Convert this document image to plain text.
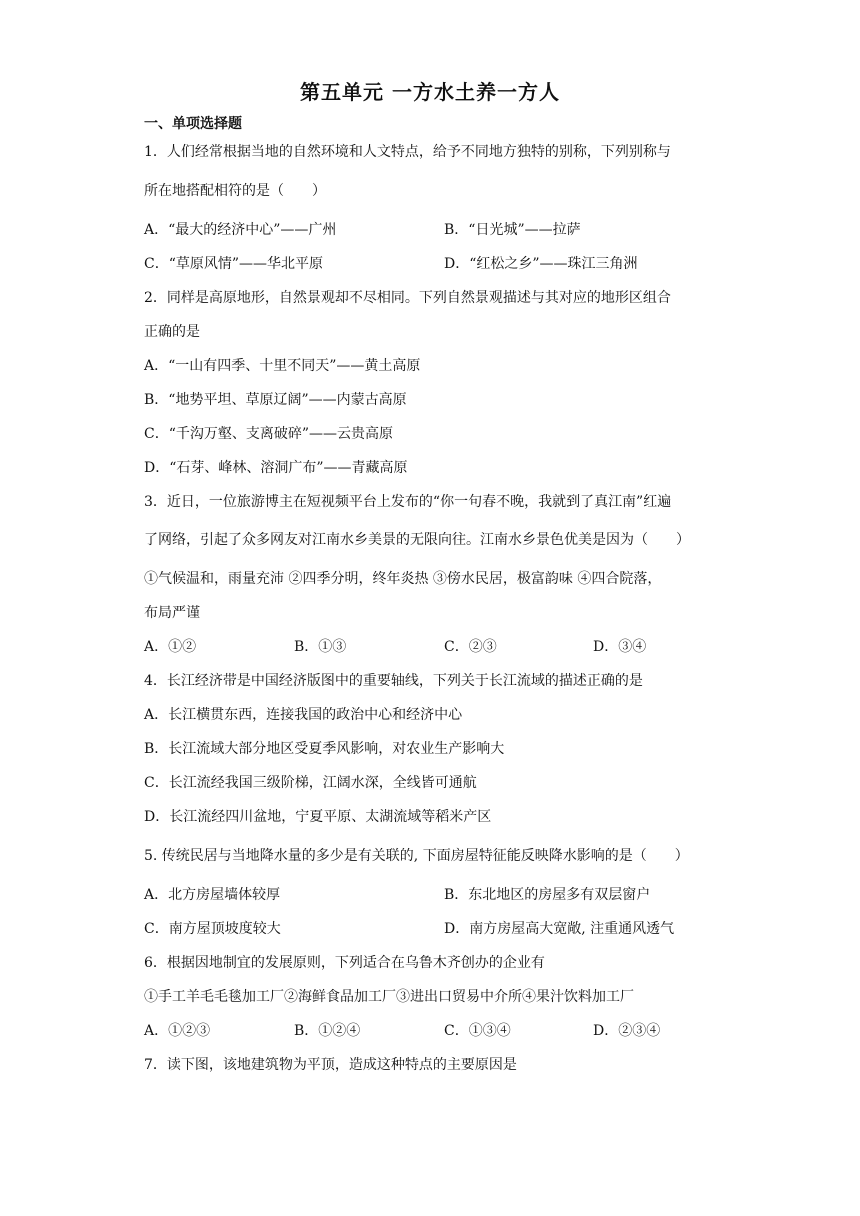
第五单元 一方水土养一方人
一、单项选择题
1．人们经常根据当地的自然环境和人文特点，给予不同地方独特的别称，下列别称与
所在地搭配相符的是（　　）
A．“最大的经济中心”——广州	B．“日光城”——拉萨
C．“草原风情”——华北平原	D．“红松之乡”——珠江三角洲
2．同样是高原地形，自然景观却不尽相同。下列自然景观描述与其对应的地形区组合
正确的是
A．“一山有四季、十里不同天”——黄土高原
B．“地势平坦、草原辽阔”——内蒙古高原
C．“千沟万壑、支离破碎”——云贵高原
D．“石芽、峰林、溶洞广布”——青藏高原
3．近日，一位旅游博主在短视频平台上发布的“你一句春不晚，我就到了真江南”红遍
了网络，引起了众多网友对江南水乡美景的无限向往。江南水乡景色优美是因为（　　）
①气候温和，雨量充沛 ②四季分明，终年炎热 ③傍水民居，极富韵味 ④四合院落，
布局严谨
A．①②	B．①③	C．②③	D．③④
4．长江经济带是中国经济版图中的重要轴线，下列关于长江流域的描述正确的是
A．长江横贯东西，连接我国的政治中心和经济中心
B．长江流域大部分地区受夏季风影响，对农业生产影响大
C．长江流经我国三级阶梯，江阔水深，全线皆可通航
D．长江流经四川盆地，宁夏平原、太湖流域等稻米产区
5. 传统民居与当地降水量的多少是有关联的, 下面房屋特征能反映降水影响的是（　　）
A．北方房屋墙体较厚	B．东北地区的房屋多有双层窗户
C．南方屋顶坡度较大	D．南方房屋高大宽敞, 注重通风透气
6．根据因地制宜的发展原则，下列适合在乌鲁木齐创办的企业有
①手工羊毛毛毯加工厂②海鲜食品加工厂③进出口贸易中介所④果汁饮料加工厂
A．①②③	B．①②④	C．①③④	D．②③④
7．读下图，该地建筑物为平顶，造成这种特点的主要原因是
